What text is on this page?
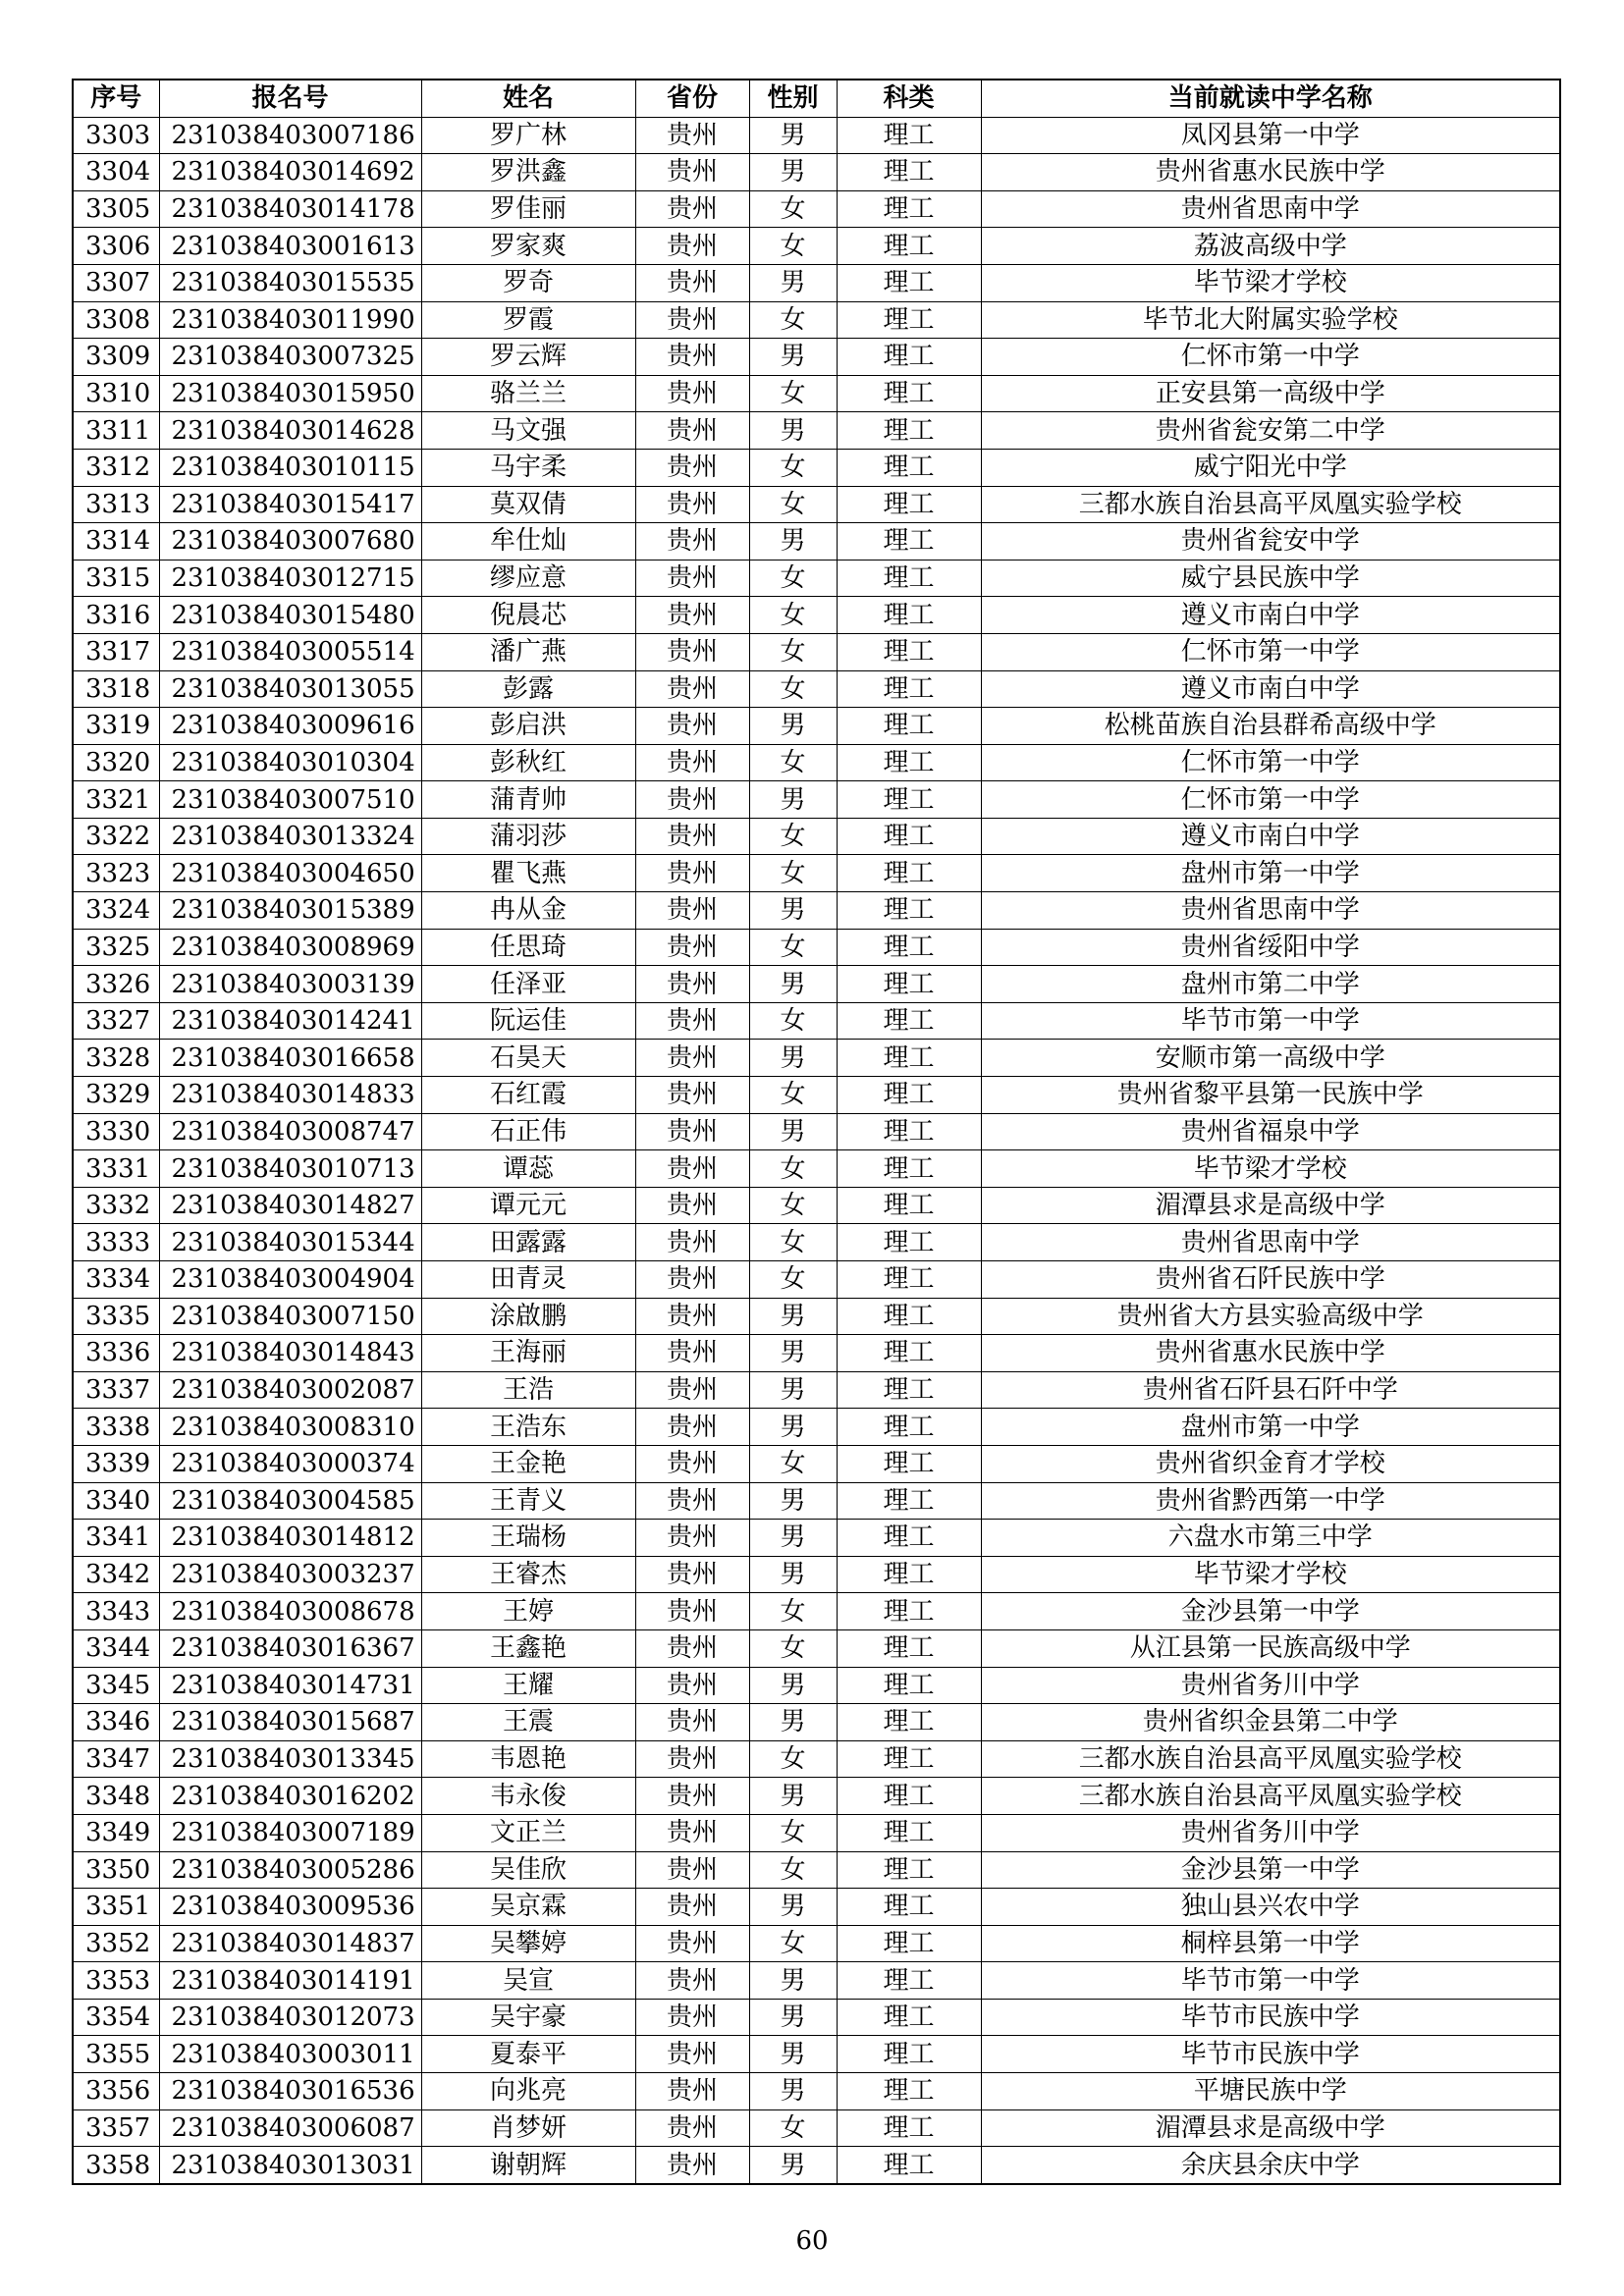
序号	报名号	姓名	省份	性别	科类	当前就读中学名称
3303	231038403007186	罗广林	贵州	男	理工	凤冈县第一中学
3304	231038403014692	罗洪鑫	贵州	男	理工	贵州省惠水民族中学
3305	231038403014178	罗佳丽	贵州	女	理工	贵州省思南中学
3306	231038403001613	罗家爽	贵州	女	理工	荔波高级中学
3307	231038403015535	罗奇	贵州	男	理工	毕节梁才学校
3308	231038403011990	罗霞	贵州	女	理工	毕节北大附属实验学校
3309	231038403007325	罗云辉	贵州	男	理工	仁怀市第一中学
3310	231038403015950	骆兰兰	贵州	女	理工	正安县第一高级中学
3311	231038403014628	马文强	贵州	男	理工	贵州省瓮安第二中学
3312	231038403010115	马宇柔	贵州	女	理工	威宁阳光中学
3313	231038403015417	莫双倩	贵州	女	理工	三都水族自治县高平凤凰实验学校
3314	231038403007680	牟仕灿	贵州	男	理工	贵州省瓮安中学
3315	231038403012715	缪应意	贵州	女	理工	威宁县民族中学
3316	231038403015480	倪晨芯	贵州	女	理工	遵义市南白中学
3317	231038403005514	潘广燕	贵州	女	理工	仁怀市第一中学
3318	231038403013055	彭露	贵州	女	理工	遵义市南白中学
3319	231038403009616	彭启洪	贵州	男	理工	松桃苗族自治县群希高级中学
3320	231038403010304	彭秋红	贵州	女	理工	仁怀市第一中学
3321	231038403007510	蒲青帅	贵州	男	理工	仁怀市第一中学
3322	231038403013324	蒲羽莎	贵州	女	理工	遵义市南白中学
3323	231038403004650	瞿飞燕	贵州	女	理工	盘州市第一中学
3324	231038403015389	冉从金	贵州	男	理工	贵州省思南中学
3325	231038403008969	任思琦	贵州	女	理工	贵州省绥阳中学
3326	231038403003139	任泽亚	贵州	男	理工	盘州市第二中学
3327	231038403014241	阮运佳	贵州	女	理工	毕节市第一中学
3328	231038403016658	石昊天	贵州	男	理工	安顺市第一高级中学
3329	231038403014833	石红霞	贵州	女	理工	贵州省黎平县第一民族中学
3330	231038403008747	石正伟	贵州	男	理工	贵州省福泉中学
3331	231038403010713	谭蕊	贵州	女	理工	毕节梁才学校
3332	231038403014827	谭元元	贵州	女	理工	湄潭县求是高级中学
3333	231038403015344	田露露	贵州	女	理工	贵州省思南中学
3334	231038403004904	田青灵	贵州	女	理工	贵州省石阡民族中学
3335	231038403007150	涂啟鹏	贵州	男	理工	贵州省大方县实验高级中学
3336	231038403014843	王海丽	贵州	男	理工	贵州省惠水民族中学
3337	231038403002087	王浩	贵州	男	理工	贵州省石阡县石阡中学
3338	231038403008310	王浩东	贵州	男	理工	盘州市第一中学
3339	231038403000374	王金艳	贵州	女	理工	贵州省织金育才学校
3340	231038403004585	王青义	贵州	男	理工	贵州省黔西第一中学
3341	231038403014812	王瑞杨	贵州	男	理工	六盘水市第三中学
3342	231038403003237	王睿杰	贵州	男	理工	毕节梁才学校
3343	231038403008678	王婷	贵州	女	理工	金沙县第一中学
3344	231038403016367	王鑫艳	贵州	女	理工	从江县第一民族高级中学
3345	231038403014731	王耀	贵州	男	理工	贵州省务川中学
3346	231038403015687	王震	贵州	男	理工	贵州省织金县第二中学
3347	231038403013345	韦恩艳	贵州	女	理工	三都水族自治县高平凤凰实验学校
3348	231038403016202	韦永俊	贵州	男	理工	三都水族自治县高平凤凰实验学校
3349	231038403007189	文正兰	贵州	女	理工	贵州省务川中学
3350	231038403005286	吴佳欣	贵州	女	理工	金沙县第一中学
3351	231038403009536	吴京霖	贵州	男	理工	独山县兴农中学
3352	231038403014837	吴攀婷	贵州	女	理工	桐梓县第一中学
3353	231038403014191	吴宣	贵州	男	理工	毕节市第一中学
3354	231038403012073	吴宇豪	贵州	男	理工	毕节市民族中学
3355	231038403003011	夏泰平	贵州	男	理工	毕节市民族中学
3356	231038403016536	向兆亮	贵州	男	理工	平塘民族中学
3357	231038403006087	肖梦妍	贵州	女	理工	湄潭县求是高级中学
3358	231038403013031	谢朝辉	贵州	男	理工	余庆县余庆中学
60
